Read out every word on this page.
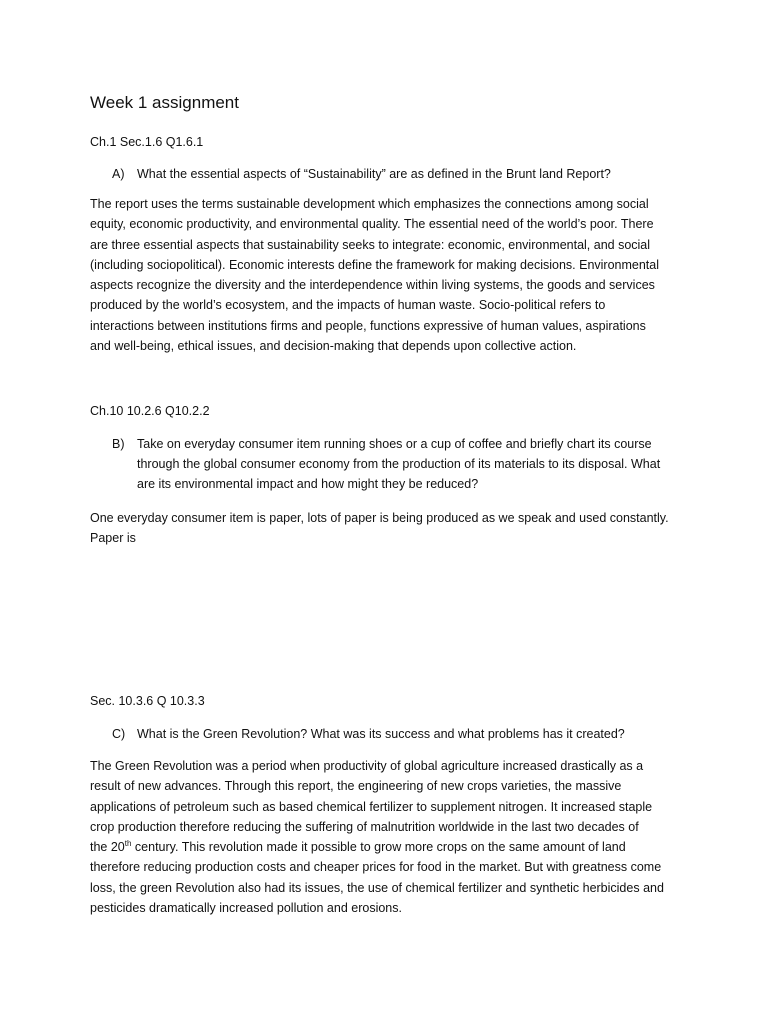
Week 1 assignment

Ch.1 Sec.1.6 Q1.6.1

A) What the essential aspects of “Sustainability” are as defined in the Brunt land Report?
The report uses the terms sustainable development which emphasizes the connections among social
equity, economic productivity, and environmental quality. The essential need of the world’s poor. There
are three essential aspects that sustainability seeks to integrate: economic, environmental, and social
(including sociopolitical). Economic interests define the framework for making decisions. Environmental
aspects recognize the diversity and the interdependence within living systems, the goods and services
produced by the world’s ecosystem, and the impacts of human waste. Socio-political refers to
interactions between institutions firms and people, functions expressive of human values, aspirations
and well-being, ethical issues, and decision-making that depends upon collective action.

Ch.10 10.2.6 Q10.2.2

B) Take on everyday consumer item running shoes or a cup of coffee and briefly chart its course
through the global consumer economy from the production of its materials to its disposal. What
are its environmental impact and how might they be reduced?
One everyday consumer item is paper, lots of paper is being produced as we speak and used constantly.
Paper is

Sec. 10.3.6 Q 10.3.3

C) What is the Green Revolution? What was its success and what problems has it created?
The Green Revolution was a period when productivity of global agriculture increased drastically as a
result of new advances. Through this report, the engineering of new crops varieties, the massive
applications of petroleum such as based chemical fertilizer to supplement nitrogen. It increased staple
crop production therefore reducing the suffering of malnutrition worldwide in the last two decades of
the 20th century. This revolution made it possible to grow more crops on the same amount of land
therefore reducing production costs and cheaper prices for food in the market. But with greatness come
loss, the green Revolution also had its issues, the use of chemical fertilizer and synthetic herbicides and
pesticides dramatically increased pollution and erosions.
